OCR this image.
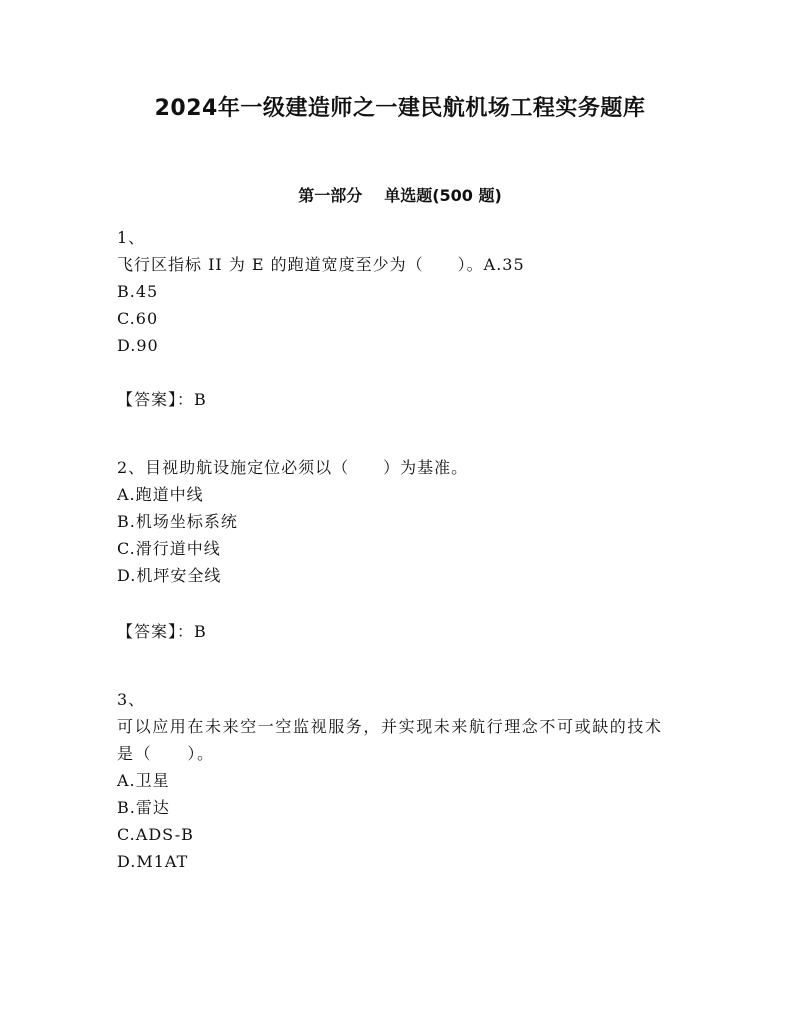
2024年一级建造师之一建民航机场工程实务题库
第一部分 单选题(500 题)
1、
飞行区指标 II 为 E 的跑道宽度至少为（　　）。A.35
B.45
C.60
D.90
【答案】：B
2、目视助航设施定位必须以（　　）为基准。
A.跑道中线
B.机场坐标系统
C.滑行道中线
D.机坪安全线
【答案】：B
3、
可以应用在未来空一空监视服务，并实现未来航行理念不可或缺的技术是（　　）。
A.卫星
B.雷达
C.ADS-B
D.M1AT
